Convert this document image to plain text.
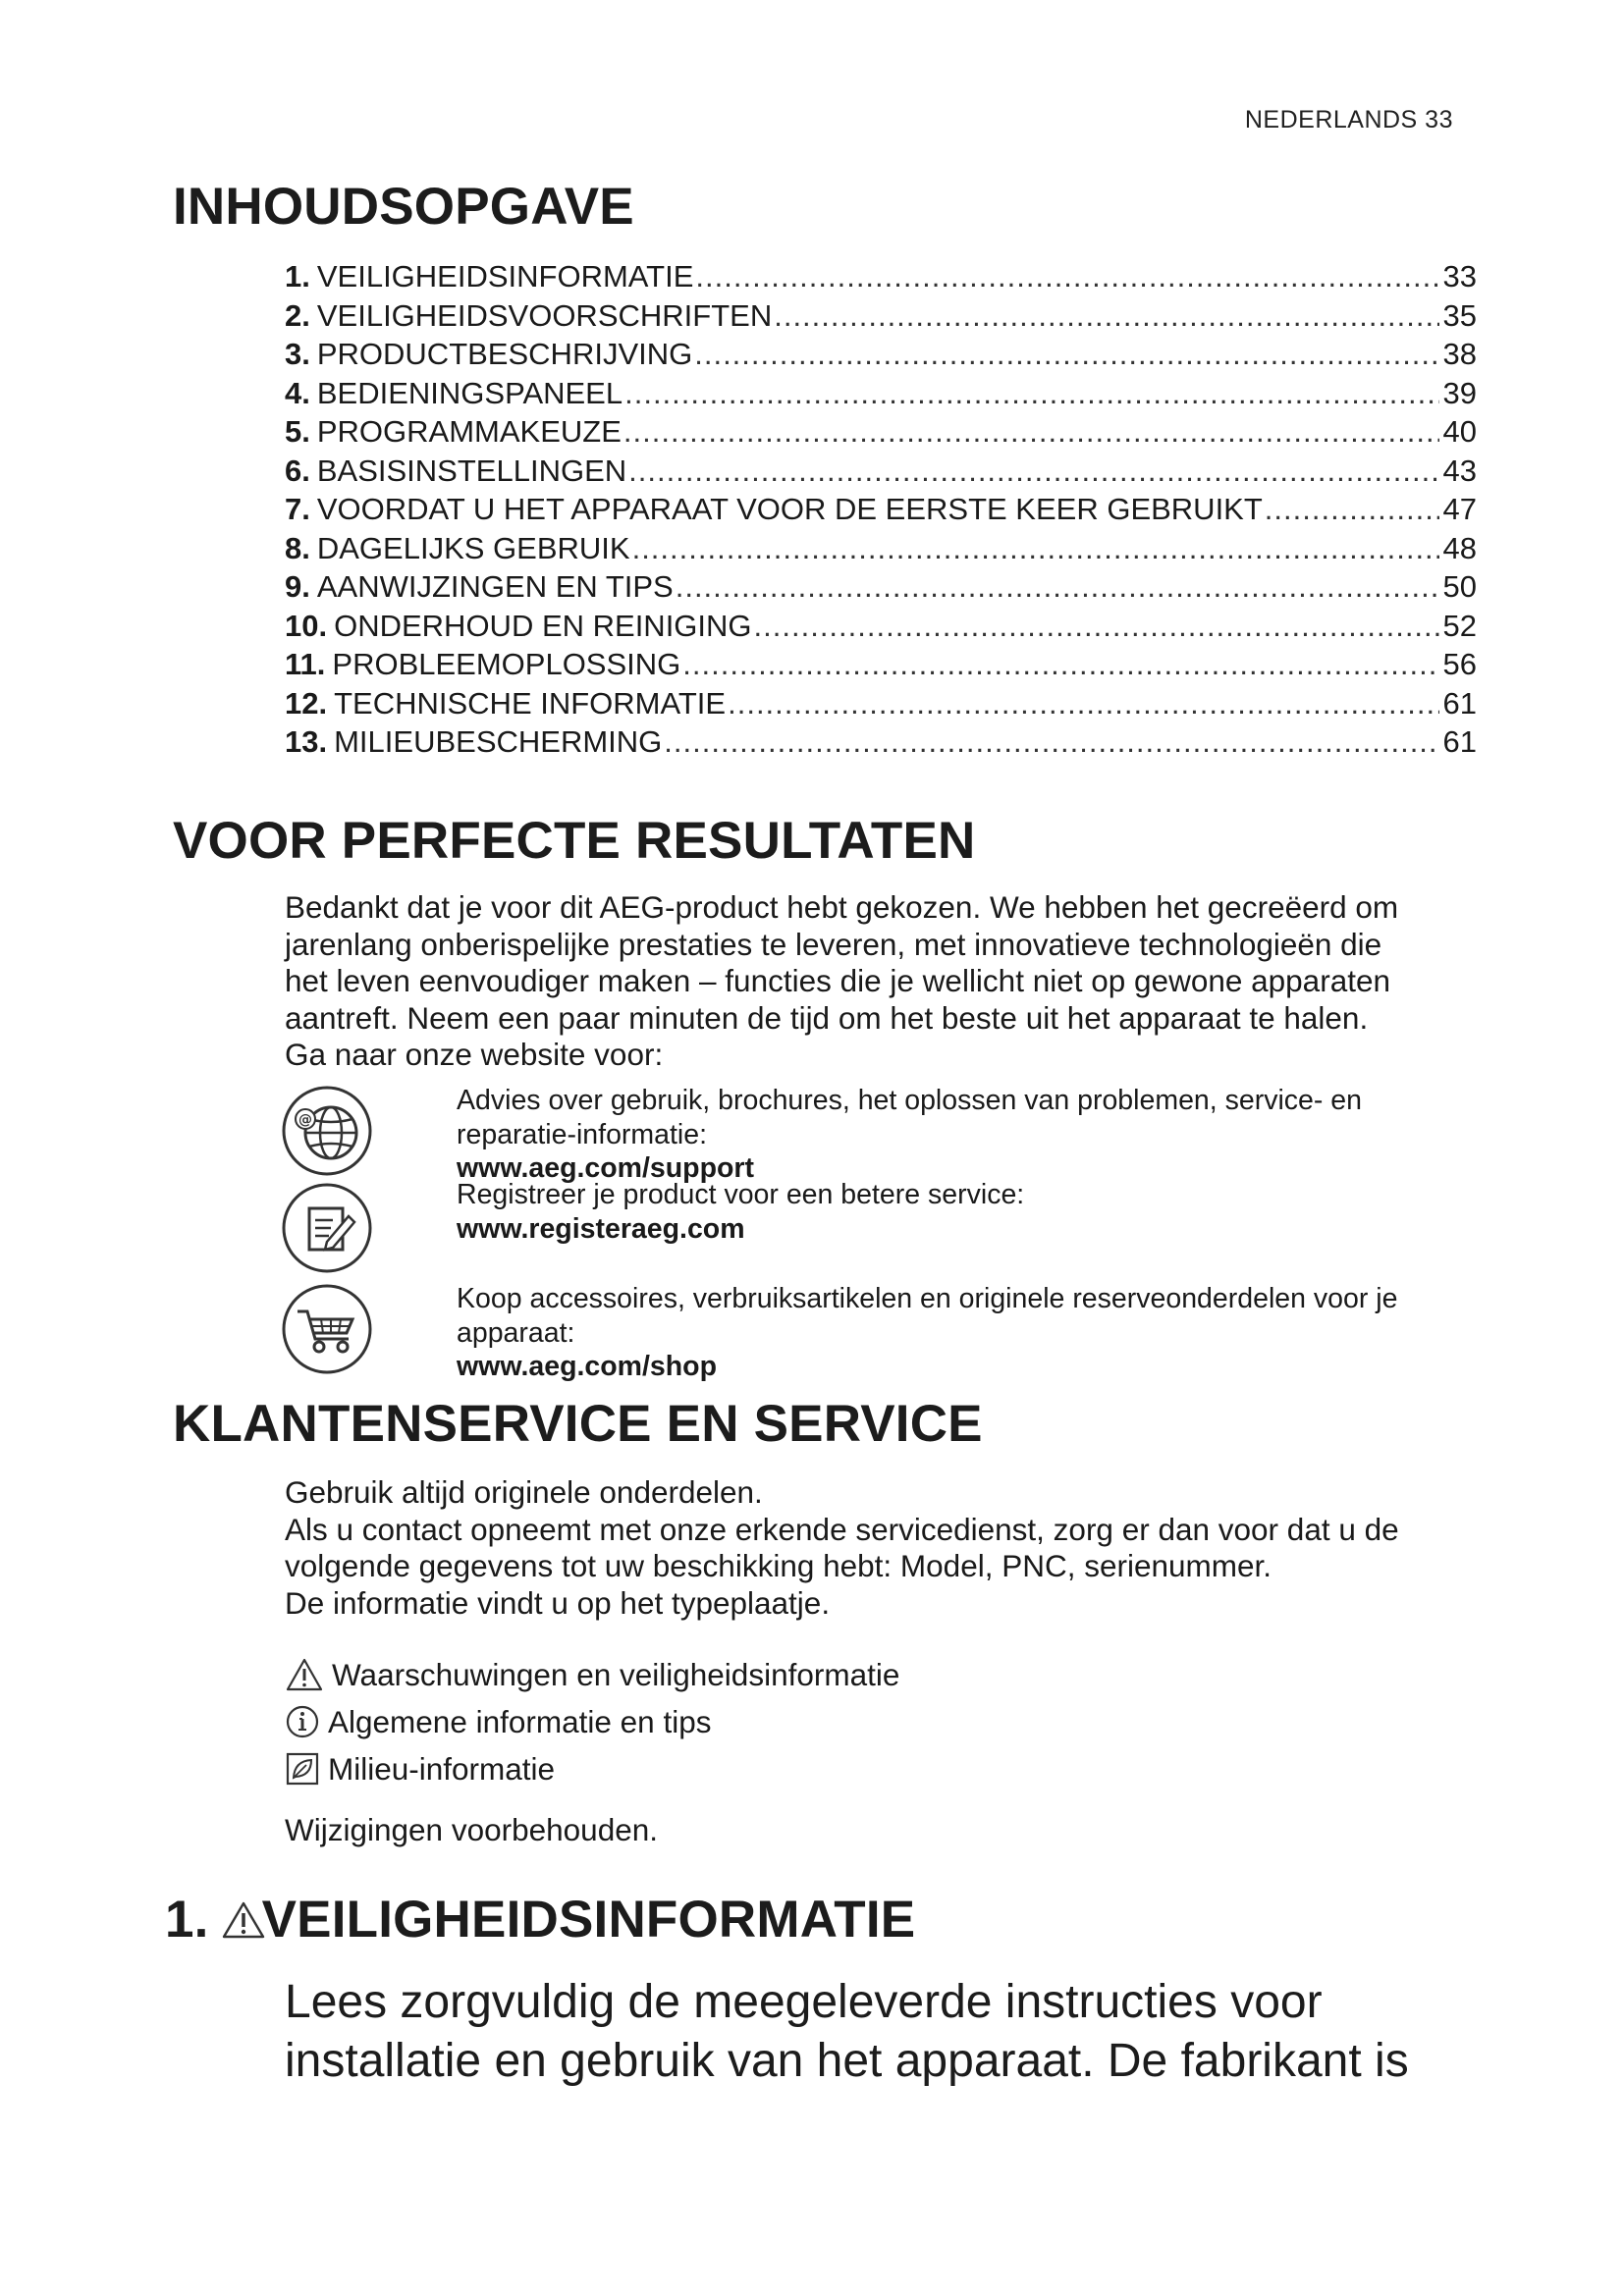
NEDERLANDS 33
INHOUDSOPGAVE
1. VEILIGHEIDSINFORMATIE .....	33
2. VEILIGHEIDSVOORSCHRIFTEN .....	35
3. PRODUCTBESCHRIJVING .....	38
4. BEDIENINGSPANEEL .....	39
5. PROGRAMMAKEUZE .....	40
6. BASISINSTELLINGEN .....	43
7. VOORDAT U HET APPARAAT VOOR DE EERSTE KEER GEBRUIKT .....	47
8. DAGELIJKS GEBRUIK .....	48
9. AANWIJZINGEN EN TIPS .....	50
10. ONDERHOUD EN REINIGING .....	52
11. PROBLEEMOPLOSSING .....	56
12. TECHNISCHE INFORMATIE .....	61
13. MILIEUBESCHERMING .....	61
VOOR PERFECTE RESULTATEN

Bedankt dat je voor dit AEG-product hebt gekozen. We hebben het gecreëerd om

jarenlang onberispelijke prestaties te leveren, met innovatieve technologieën die

het leven eenvoudiger maken – functies die je wellicht niet op gewone apparaten

aantreft. Neem een paar minuten de tijd om het beste uit het apparaat te halen.

Ga naar onze website voor:

@
Advies over gebruik, brochures, het oplossen van problemen, service- en
reparatie-informatie:
www.aeg.com/support
Registreer je product voor een betere service:
www.registeraeg.com
Koop accessoires, verbruiksartikelen en originele reserveonderdelen voor je
apparaat:
www.aeg.com/shop
KLANTENSERVICE EN SERVICE

Gebruik altijd originele onderdelen.

Als u contact opneemt met onze erkende servicedienst, zorg er dan voor dat u de

volgende gegevens tot uw beschikking hebt: Model, PNC, serienummer.

De informatie vindt u op het typeplaatje.

Waarschuwingen en veiligheidsinformatie
Algemene informatie en tips
Milieu-informatie

Wijzigingen voorbehouden.

1. VEILIGHEIDSINFORMATIE

Lees zorgvuldig de meegeleverde instructies voor

installatie en gebruik van het apparaat. De fabrikant is
